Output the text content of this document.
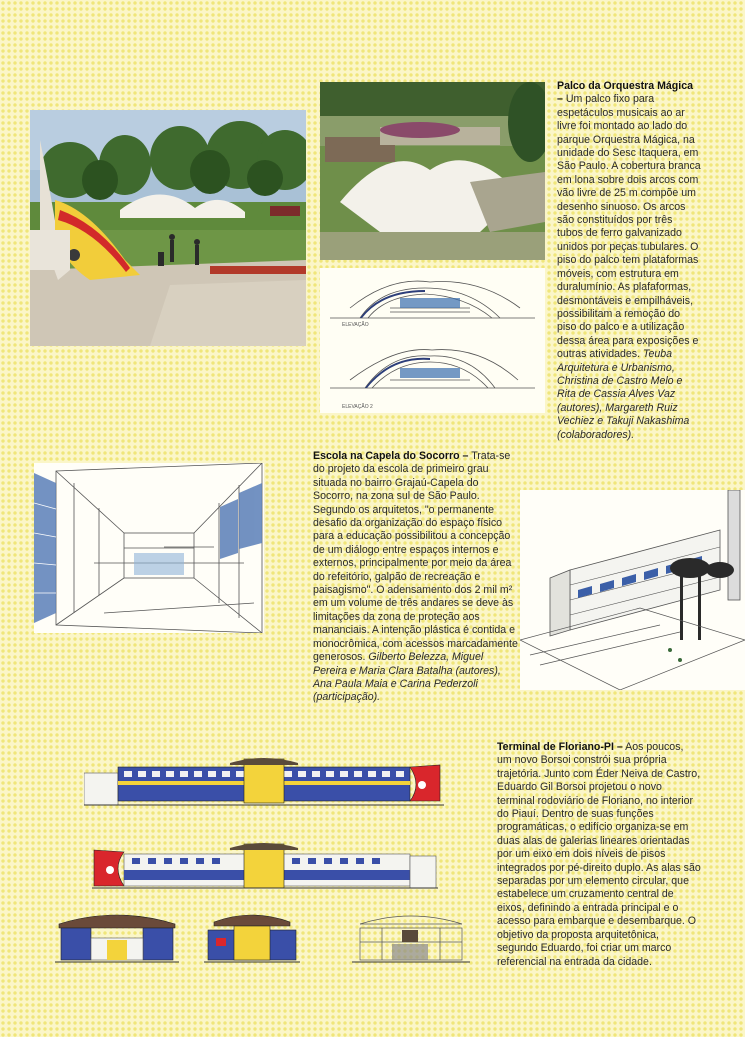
ELEVAÇÃO
ELEVAÇÃO 2
Palco da Orquestra Mágica – Um palco fixo para espetáculos musicais ao ar livre foi montado ao lado do parque Orquestra Mágica, na unidade do Sesc Itaquera, em São Paulo. A cobertura branca em lona sobre dois arcos com vão livre de 25 m compõe um desenho sinuoso. Os arcos são constituídos por três tubos de ferro galvanizado unidos por peças tubulares. O piso do palco tem plataformas móveis, com estrutura em duralumínio. As plafaformas, desmontáveis e empilháveis, possibilitam a remoção do piso do palco e a utilização dessa área para exposições e outras atividades. Teuba Arquitetura e Urbanismo, Christina de Castro Melo e Rita de Cassia Alves Vaz (autores), Margareth Ruiz Vechiez e Takuji Nakashima (colaboradores).
Escola na Capela do Socorro – Trata-se do projeto da escola de primeiro grau situada no bairro Grajaú-Capela do Socorro, na zona sul de São Paulo. Segundo os arquitetos, "o permanente desafio da organização do espaço físico para a educação possibilitou a concepção de um diálogo entre espaços internos e externos, principalmente por meio da área do refeitório, galpão de recreação e paisagismo". O adensamento dos 2 mil m² em um volume de três andares se deve às limitações da zona de proteção aos mananciais. A intenção plástica é contida e monocrômica, com acessos marcadamente generosos. Gilberto Belezza, Miguel Pereira e Maria Clara Batalha (autores), Ana Paula Maia e Carina Pederzoli (participação).
Terminal de Floriano-PI – Aos poucos, um novo Borsoi constrói sua própria trajetória. Junto com Éder Neiva de Castro, Eduardo Gil Borsoi projetou o novo terminal rodoviário de Floriano, no interior do Piauí. Dentro de suas funções programáticas, o edifício organiza-se em duas alas de galerias lineares orientadas por um eixo em dois níveis de pisos integrados por pé-direito duplo. As alas são separadas por um elemento circular, que estabelece um cruzamento central de eixos, definindo a entrada principal e o acesso para embarque e desembarque. O objetivo da proposta arquitetônica, segundo Eduardo, foi criar um marco referencial na entrada da cidade.
